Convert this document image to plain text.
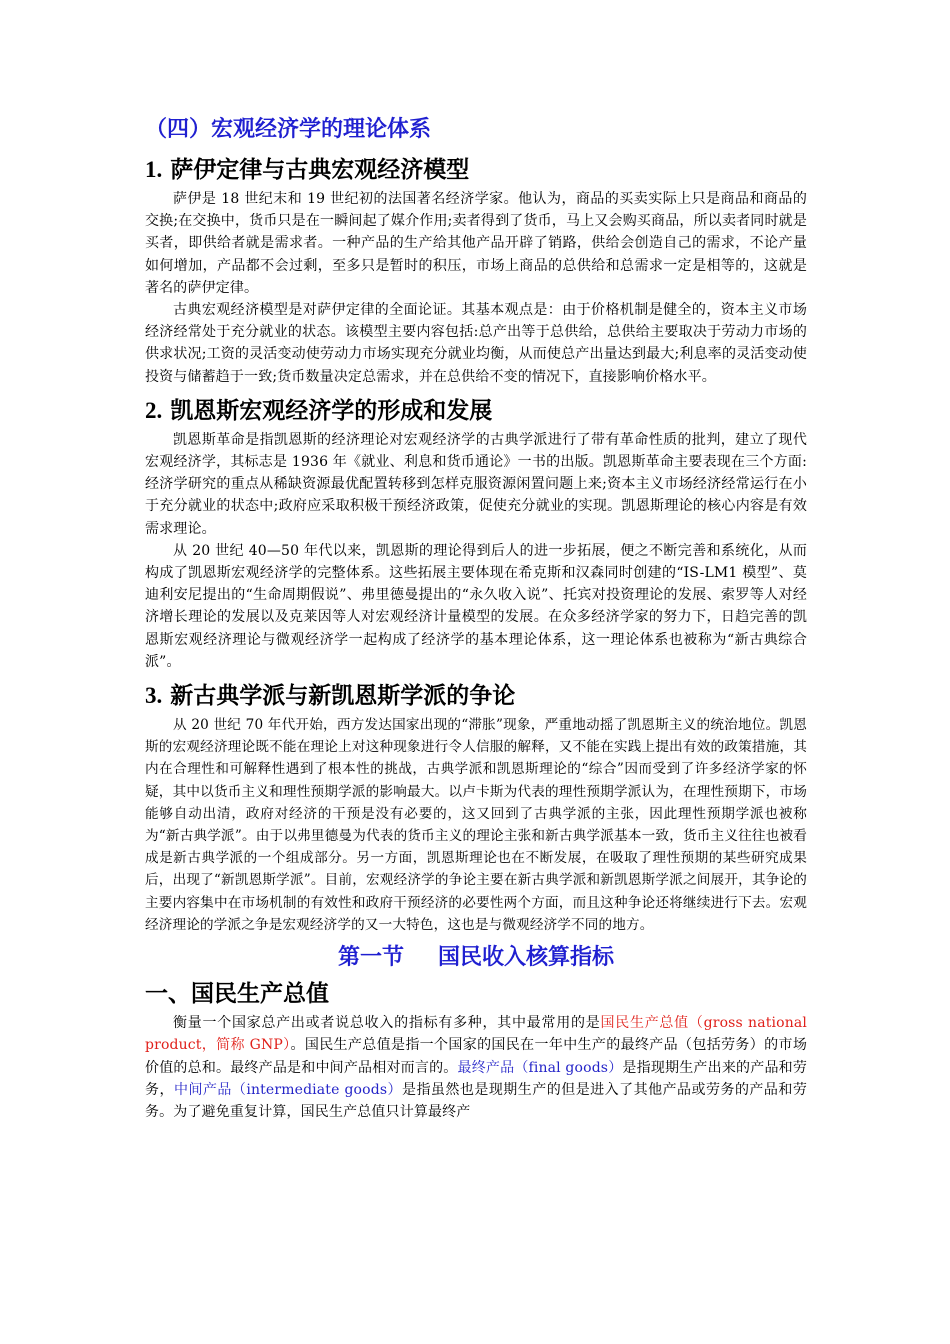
（四）宏观经济学的理论体系
1. 萨伊定律与古典宏观经济模型

萨伊是 18 世纪末和 19 世纪初的法国著名经济学家。他认为，商品的买卖实际上只是商品和商品的交换;在交换中，货币只是在一瞬间起了媒介作用;卖者得到了货币，马上又会购买商品，所以卖者同时就是买者，即供给者就是需求者。一种产品的生产给其他产品开辟了销路，供给会创造自己的需求，不论产量如何增加，产品都不会过剩，至多只是暂时的积压，市场上商品的总供给和总需求一定是相等的，这就是著名的萨伊定律。

古典宏观经济模型是对萨伊定律的全面论证。其基本观点是：由于价格机制是健全的，资本主义市场经济经常处于充分就业的状态。该模型主要内容包括:总产出等于总供给，总供给主要取决于劳动力市场的供求状况;工资的灵活变动使劳动力市场实现充分就业均衡，从而使总产出量达到最大;利息率的灵活变动使投资与储蓄趋于一致;货币数量决定总需求，并在总供给不变的情况下，直接影响价格水平。

2. 凯恩斯宏观经济学的形成和发展

凯恩斯革命是指凯恩斯的经济理论对宏观经济学的古典学派进行了带有革命性质的批判，建立了现代宏观经济学，其标志是 1936 年《就业、利息和货币通论》一书的出版。凯恩斯革命主要表现在三个方面:经济学研究的重点从稀缺资源最优配置转移到怎样克服资源闲置问题上来;资本主义市场经济经常运行在小于充分就业的状态中;政府应采取积极干预经济政策，促使充分就业的实现。凯恩斯理论的核心内容是有效需求理论。

从 20 世纪 40—50 年代以来，凯恩斯的理论得到后人的进一步拓展，便之不断完善和系统化，从而构成了凯恩斯宏观经济学的完整体系。这些拓展主要体现在希克斯和汉森同时创建的“IS-LM1 模型”、莫迪利安尼提出的“生命周期假说”、弗里德曼提出的“永久收入说”、托宾对投资理论的发展、索罗等人对经济增长理论的发展以及克莱因等人对宏观经济计量模型的发展。在众多经济学家的努力下，日趋完善的凯恩斯宏观经济理论与微观经济学一起构成了经济学的基本理论体系，这一理论体系也被称为“新古典综合派”。

3. 新古典学派与新凯恩斯学派的争论

从 20 世纪 70 年代开始，西方发达国家出现的“滞胀”现象，严重地动摇了凯恩斯主义的统治地位。凯恩斯的宏观经济理论既不能在理论上对这种现象进行令人信服的解释，又不能在实践上提出有效的政策措施，其内在合理性和可解释性遇到了根本性的挑战，古典学派和凯恩斯理论的“综合”因而受到了许多经济学家的怀疑，其中以货币主义和理性预期学派的影响最大。以卢卡斯为代表的理性预期学派认为，在理性预期下，市场能够自动出清，政府对经济的干预是没有必要的，这又回到了古典学派的主张，因此理性预期学派也被称为“新古典学派”。由于以弗里德曼为代表的货币主义的理论主张和新古典学派基本一致，货币主义往往也被看成是新古典学派的一个组成部分。另一方面，凯恩斯理论也在不断发展，在吸取了理性预期的某些研究成果后，出现了“新凯恩斯学派”。目前，宏观经济学的争论主要在新古典学派和新凯恩斯学派之间展开，其争论的主要内容集中在市场机制的有效性和政府干预经济的必要性两个方面，而且这种争论还将继续进行下去。宏观经济理论的学派之争是宏观经济学的又一大特色，这也是与微观经济学不同的地方。

第一节 国民收入核算指标
一、国民生产总值

衡量一个国家总产出或者说总收入的指标有多种，其中最常用的是国民生产总值（gross national product，简称 GNP）。国民生产总值是指一个国家的国民在一年中生产的最终产品（包括劳务）的市场价值的总和。最终产品是和中间产品相对而言的。最终产品（final goods）是指现期生产出来的产品和劳务，中间产品（intermediate goods）是指虽然也是现期生产的但是进入了其他产品或劳务的产品和劳务。为了避免重复计算，国民生产总值只计算最终产
